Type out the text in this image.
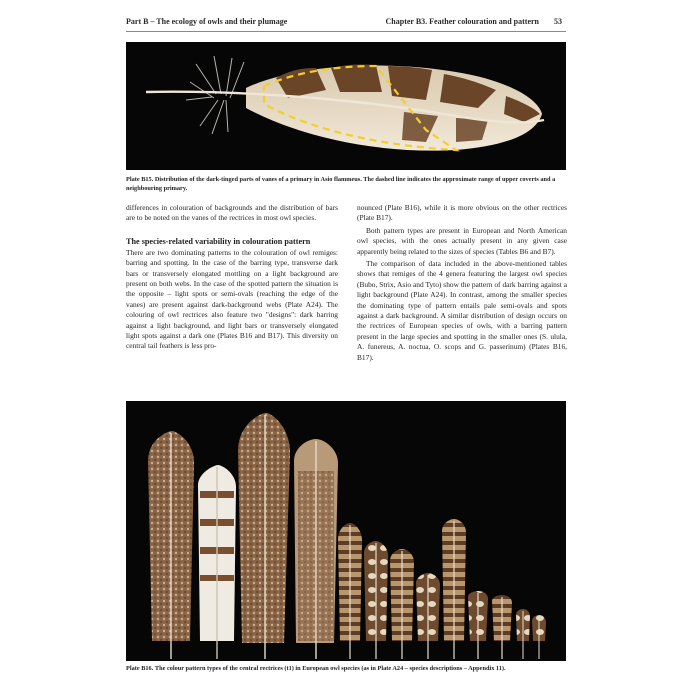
Part B – The ecology of owls and their plumage	Chapter B3. Feather colouration and pattern 53
Plate B15. Distribution of the dark-tinged parts of vanes of a primary in Asio flammeus. The dashed line indicates the approximate range of upper coverts and a neighbouring primary.

differences in colouration of backgrounds and the distribution of bars are to be noted on the vanes of the rectrices in most owl species.

The species-related variability in colouration pattern

There are two dominating patterns to the colouration of owl remiges: barring and spotting. In the case of the barring type, transverse dark bars or transversely elongated mottling on a light background are present on both webs. In the case of the spotted pattern the situation is the opposite – light spots or semi-ovals (reaching the edge of the vanes) are present against dark-background webs (Plate A24). The colouring of owl rectrices also feature two "designs": dark barring against a light background, and light bars or transversely elongated light spots against a dark one (Plates B16 and B17). This diversity on central tail feathers is less pro-

nounced (Plate B16), while it is more obvious on the other rectrices (Plate B17).

Both pattern types are present in European and North American owl species, with the ones actually present in any given case apparently being related to the sizes of species (Tables B6 and B7).

The comparison of data included in the above-mentioned tables shows that remiges of the 4 genera featuring the largest owl species (Bubo, Strix, Asio and Tyto) show the pattern of dark barring against a light background (Plate A24). In contrast, among the smaller species the dominating type of pattern entails pale semi-ovals and spots against a dark background. A similar distribution of design occurs on the rectrices of European species of owls, with a barring pattern present in the large species and spotting in the smaller ones (S. ulula, A. funereus, A. noctua, O. scops and G. passerinum) (Plates B16, B17).

Plate B16. The colour pattern types of the central rectrices (t1) in European owl species (as in Plate A24 – species descriptions – Appendix 11).
